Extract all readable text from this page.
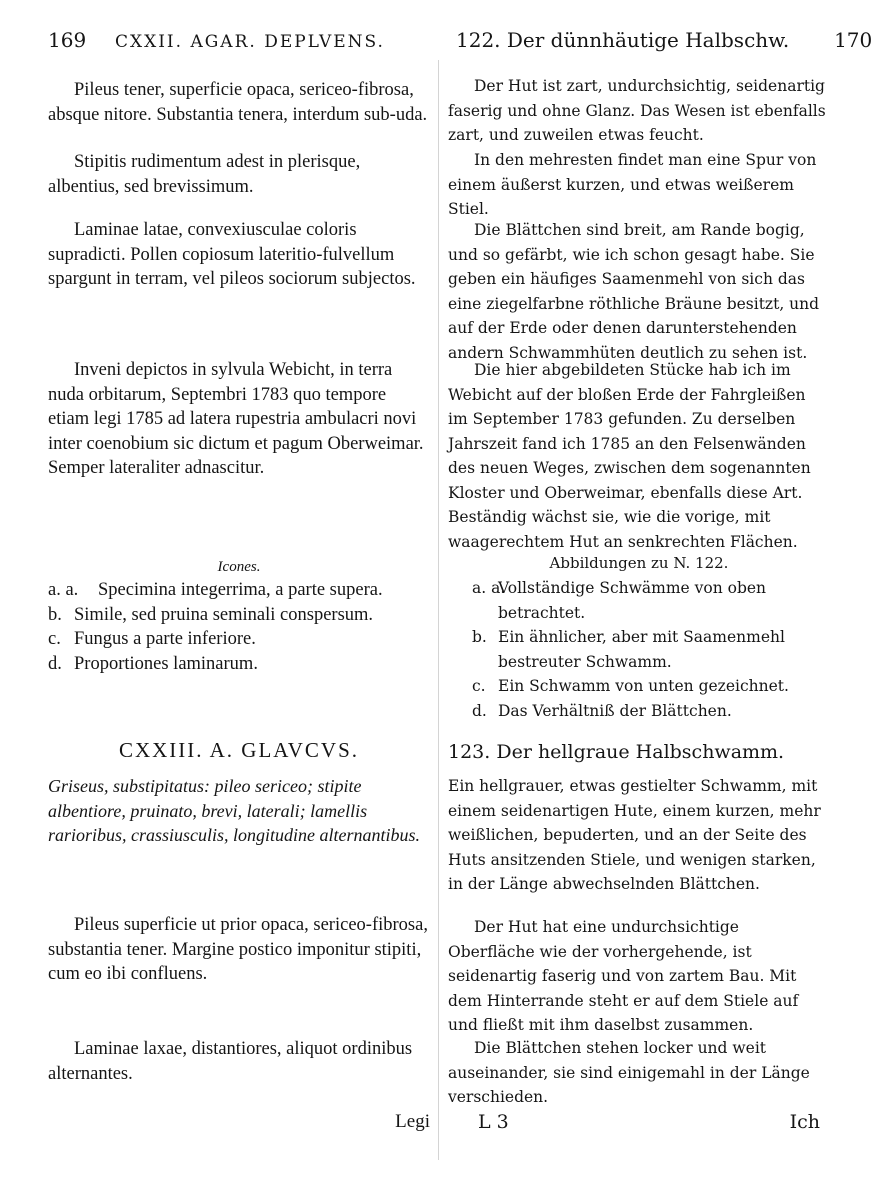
169 CXXII. AGAR. DEPLVENS.	122. Der dünnhäutige Halbschw. 170

Pileus tener, superficie opaca, sericeo-fibrosa, absque nitore. Substantia tenera, interdum sub-uda.

Stipitis rudimentum adest in plerisque, albentius, sed brevissimum.

Laminae latae, convexiusculae coloris supradicti. Pollen copiosum lateritio-fulvellum spargunt in terram, vel pileos sociorum subjectos.

Inveni depictos in sylvula Webicht, in terra nuda orbitarum, Septembri 1783 quo tempore etiam legi 1785 ad latera rupestria ambulacri novi inter coenobium sic dictum et pagum Oberweimar. Semper lateraliter adnascitur.

Icones.

a. a.	Specimina integerrima, a parte supera.
b. Simile, sed pruina seminali conspersum.
c. Fungus a parte inferiore.
d. Proportiones laminarum.

CXXIII. A. GLAVCVS.

Griseus, substipitatus: pileo sericeo; stipite albentiore, pruinato, brevi, laterali; lamellis rarioribus, crassiusculis, longitudine alternantibus.

Pileus superficie ut prior opaca, sericeo-fibrosa, substantia tener. Margine postico imponitur stipiti, cum eo ibi confluens.

Laminae laxae, distantiores, aliquot ordinibus alternantes.

Legi

Der Hut ist zart, undurchsichtig, seidenartig faserig und ohne Glanz. Das Wesen ist ebenfalls zart, und zuweilen etwas feucht.

In den mehresten findet man eine Spur von einem äußerst kurzen, und etwas weißerem Stiel.

Die Blättchen sind breit, am Rande bogig, und so gefärbt, wie ich schon gesagt habe. Sie geben ein häufiges Saamenmehl von sich das eine ziegelfarbne röthliche Bräune besitzt, und auf der Erde oder denen darunterstehenden andern Schwammhüten deutlich zu sehen ist.

Die hier abgebildeten Stücke hab ich im Webicht auf der bloßen Erde der Fahrgleißen im September 1783 gefunden. Zu derselben Jahrszeit fand ich 1785 an den Felsenwänden des neuen Weges, zwischen dem sogenannten Kloster und Oberweimar, ebenfalls diese Art. Beständig wächst sie, wie die vorige, mit waagerechtem Hut an senkrechten Flächen.

Abbildungen zu N. 122.

a. a.
Vollständige Schwämme von oben betrachtet.
b. Ein ähnlicher, aber mit Saamenmehl bestreuter Schwamm.
c. Ein Schwamm von unten gezeichnet.
d. Das Verhältniß der Blättchen.

123. Der hellgraue Halbschwamm.

Ein hellgrauer, etwas gestielter Schwamm, mit einem seidenartigen Hute, einem kurzen, mehr weißlichen, bepuderten, und an der Seite des Huts ansitzenden Stiele, und wenigen starken, in der Länge abwechselnden Blättchen.

Der Hut hat eine undurchsichtige Oberfläche wie der vorhergehende, ist seidenartig faserig und von zartem Bau. Mit dem Hinterrande steht er auf dem Stiele auf und fließt mit ihm daselbst zusammen.

Die Blättchen stehen locker und weit auseinander, sie sind einigemahl in der Länge verschieden.

L 3	Ich
